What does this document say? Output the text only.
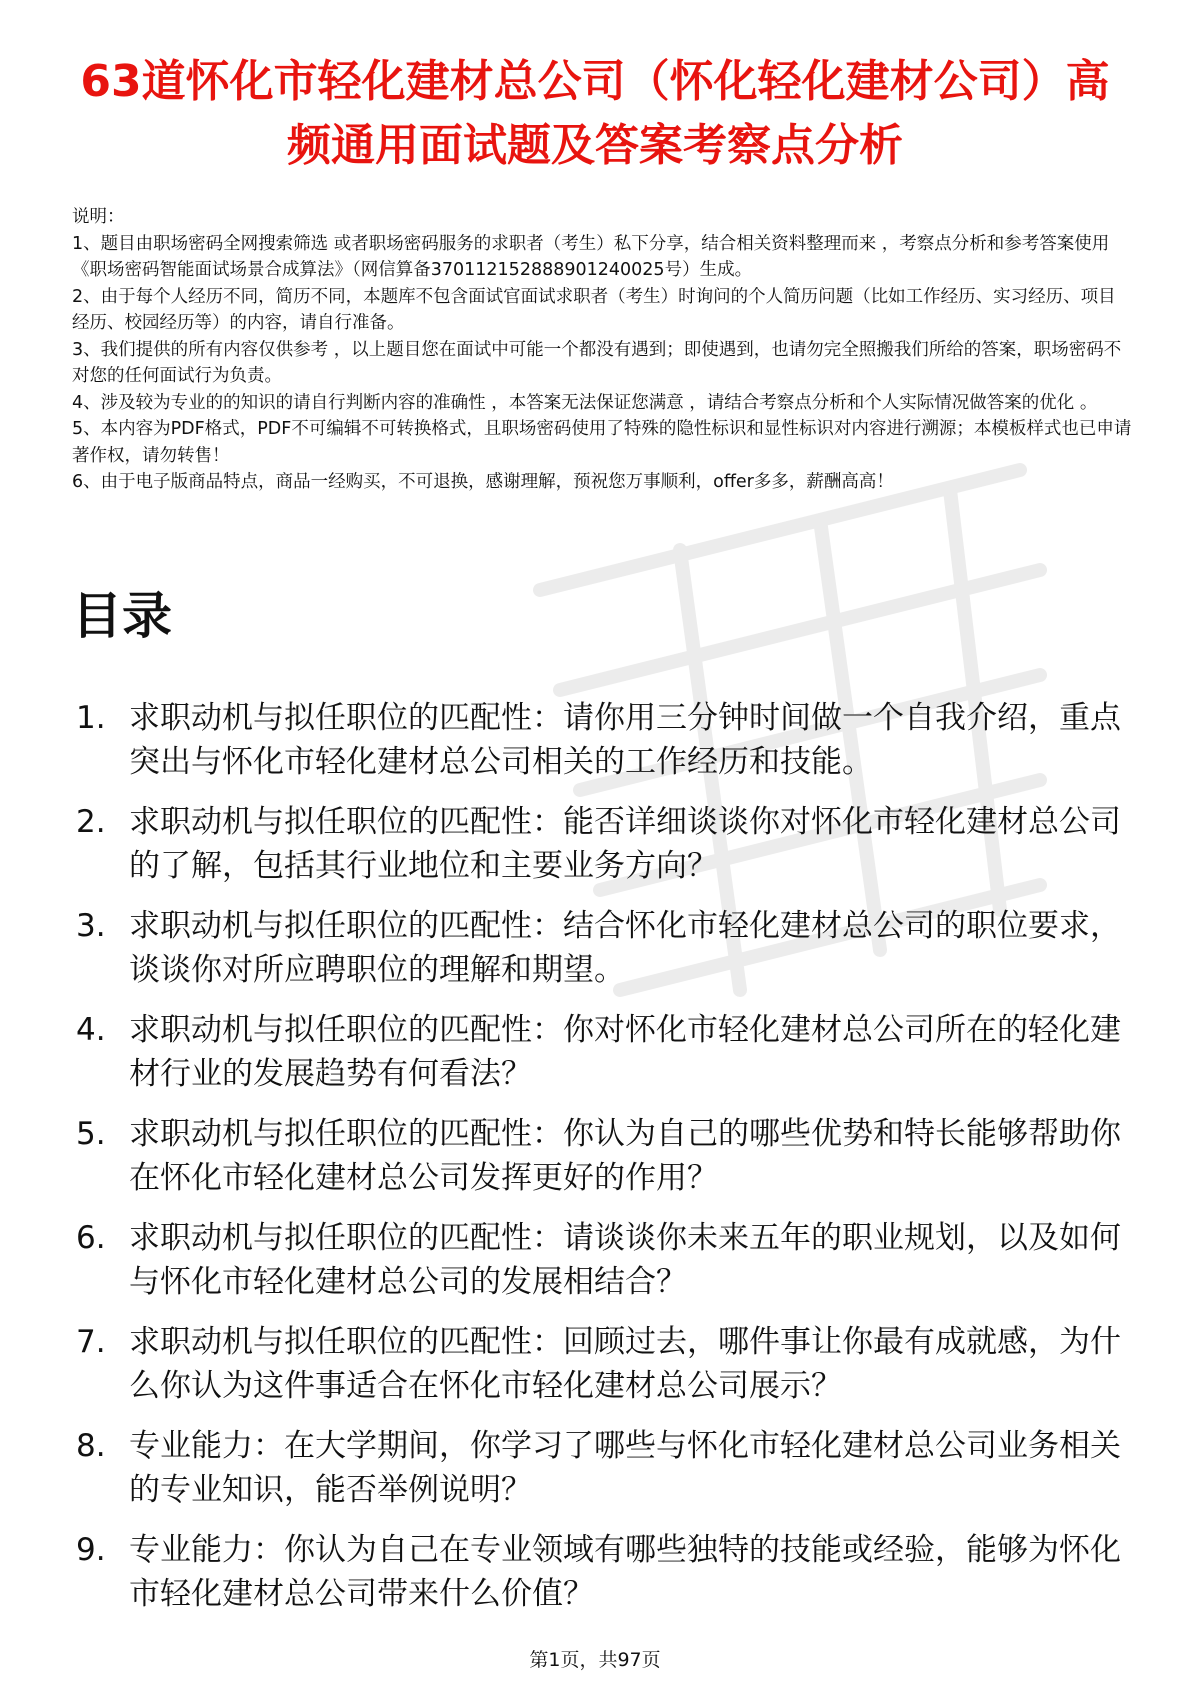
63道怀化市轻化建材总公司（怀化轻化建材公司）高频通用面试题及答案考察点分析
说明：
1、题目由职场密码全网搜索筛选 或者职场密码服务的求职者（考生）私下分享，结合相关资料整理而来 ，考察点分析和参考答案使用《职场密码智能面试场景合成算法》（网信算备370112152888901240025号）生成。
2、由于每个人经历不同，简历不同，本题库不包含面试官面试求职者（考生）时询问的个人简历问题（比如工作经历、实习经历、项目经历、校园经历等）的内容，请自行准备。
3、我们提供的所有内容仅供参考 ，以上题目您在面试中可能一个都没有遇到；即使遇到，也请勿完全照搬我们所给的答案，职场密码不对您的任何面试行为负责。
4、涉及较为专业的的知识的请自行判断内容的准确性 ，本答案无法保证您满意 ，请结合考察点分析和个人实际情况做答案的优化 。
5、本内容为PDF格式，PDF不可编辑不可转换格式，且职场密码使用了特殊的隐性标识和显性标识对内容进行溯源；本模板样式也已申请著作权，请勿转售！
6、由于电子版商品特点，商品一经购买，不可退换，感谢理解，预祝您万事顺利，offer多多，薪酬高高！
目录
1. 求职动机与拟任职位的匹配性：请你用三分钟时间做一个自我介绍，重点突出与怀化市轻化建材总公司相关的工作经历和技能。
2. 求职动机与拟任职位的匹配性：能否详细谈谈你对怀化市轻化建材总公司的了解，包括其行业地位和主要业务方向？
3. 求职动机与拟任职位的匹配性：结合怀化市轻化建材总公司的职位要求，谈谈你对所应聘职位的理解和期望。
4. 求职动机与拟任职位的匹配性：你对怀化市轻化建材总公司所在的轻化建材行业的发展趋势有何看法？
5. 求职动机与拟任职位的匹配性：你认为自己的哪些优势和特长能够帮助你在怀化市轻化建材总公司发挥更好的作用？
6. 求职动机与拟任职位的匹配性：请谈谈你未来五年的职业规划，以及如何与怀化市轻化建材总公司的发展相结合？
7. 求职动机与拟任职位的匹配性：回顾过去，哪件事让你最有成就感，为什么你认为这件事适合在怀化市轻化建材总公司展示？
8. 专业能力：在大学期间，你学习了哪些与怀化市轻化建材总公司业务相关的专业知识，能否举例说明？
9. 专业能力：你认为自己在专业领域有哪些独特的技能或经验，能够为怀化市轻化建材总公司带来什么价值？
第1页，共97页
